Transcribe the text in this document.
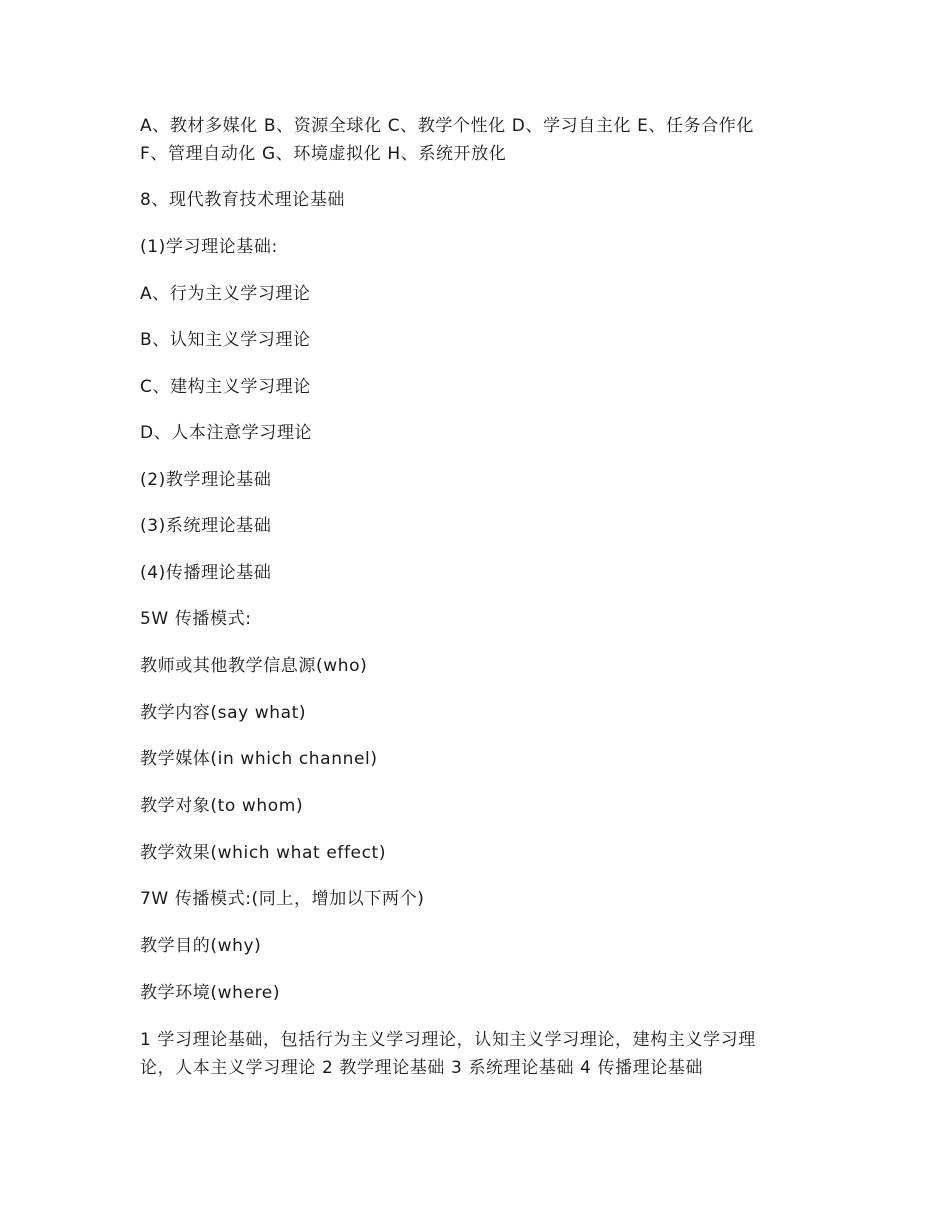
A、教材多媒化 B、资源全球化 C、教学个性化 D、学习自主化 E、任务合作化
F、管理自动化 G、环境虚拟化 H、系统开放化
8、现代教育技术理论基础
(1)学习理论基础:
A、行为主义学习理论
B、认知主义学习理论
C、建构主义学习理论
D、人本注意学习理论
(2)教学理论基础
(3)系统理论基础
(4)传播理论基础
5W 传播模式:
教师或其他教学信息源(who)
教学内容(say what)
教学媒体(in which channel)
教学对象(to whom)
教学效果(which what effect)
7W 传播模式:(同上，增加以下两个)
教学目的(why)
教学环境(where)
1 学习理论基础，包括行为主义学习理论，认知主义学习理论，建构主义学习理
论，人本主义学习理论 2 教学理论基础 3 系统理论基础 4 传播理论基础
